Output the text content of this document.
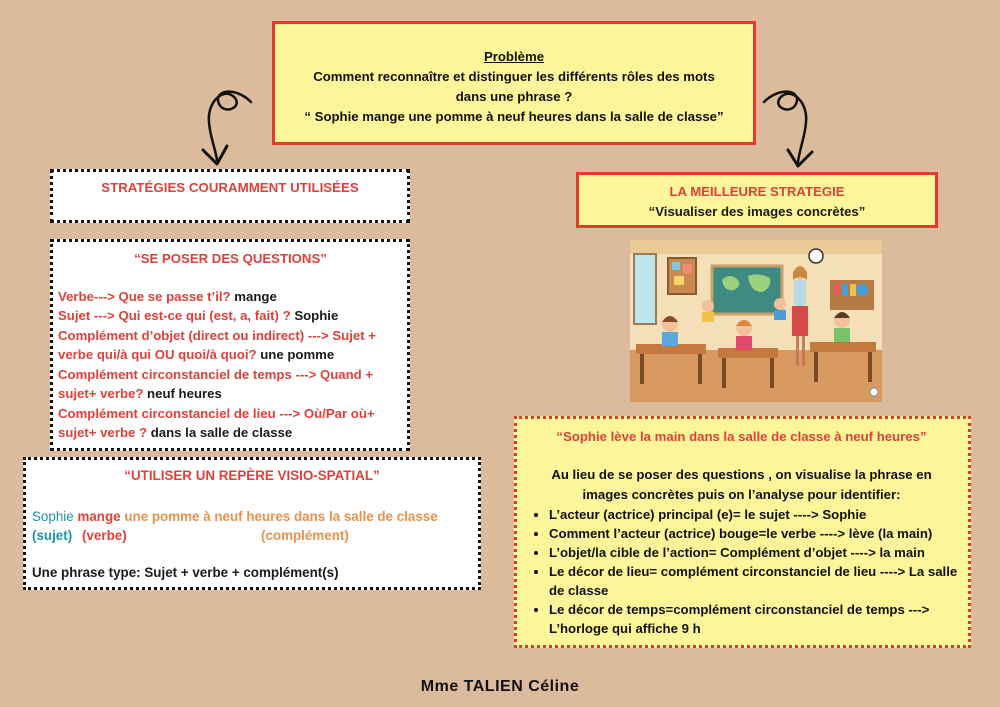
Problème
Comment reconnaître et distinguer les différents rôles des mots
dans une phrase ?
“ Sophie mange une pomme à neuf heures dans la salle de classe”
STRATÉGIES COURAMMENT UTILISÉES
“SE POSER DES QUESTIONS”
Verbe---> Que se passe t’il? mange
Sujet ---> Qui est-ce qui (est, a, fait) ? Sophie
Complément d’objet (direct ou indirect) ---> Sujet +
verbe qui/à qui OU quoi/à quoi? une pomme
Complément circonstanciel de temps ---> Quand +
sujet+ verbe? neuf heures
Complément circonstanciel de lieu ---> Où/Par où+
sujet+ verbe ? dans la salle de classe
“UTILISER UN REPÈRE VISIO-SPATIAL”
Sophie mange une pomme à neuf heures dans la salle de classe
(sujet) (verbe)	(complément)
Une phrase type: Sujet + verbe + complément(s)
LA MEILLEURE STRATEGIE
“Visualiser des images concrètes”
“Sophie lève la main dans la salle de classe à neuf heures”
Au lieu de se poser des questions , on visualise la phrase en
images concrètes puis on l’analyse pour identifier:
• L’acteur (actrice) principal (e)= le sujet ----> Sophie
• Comment l’acteur (actrice) bouge=le verbe ----> lève (la main)
• L’objet/la cible de l’action= Complément d’objet ----> la main
• Le décor de lieu= complément circonstanciel de lieu ----> La salle de classe
• Le décor de temps=complément circonstanciel de temps ---> L’horloge qui affiche 9 h
Mme TALIEN Céline
